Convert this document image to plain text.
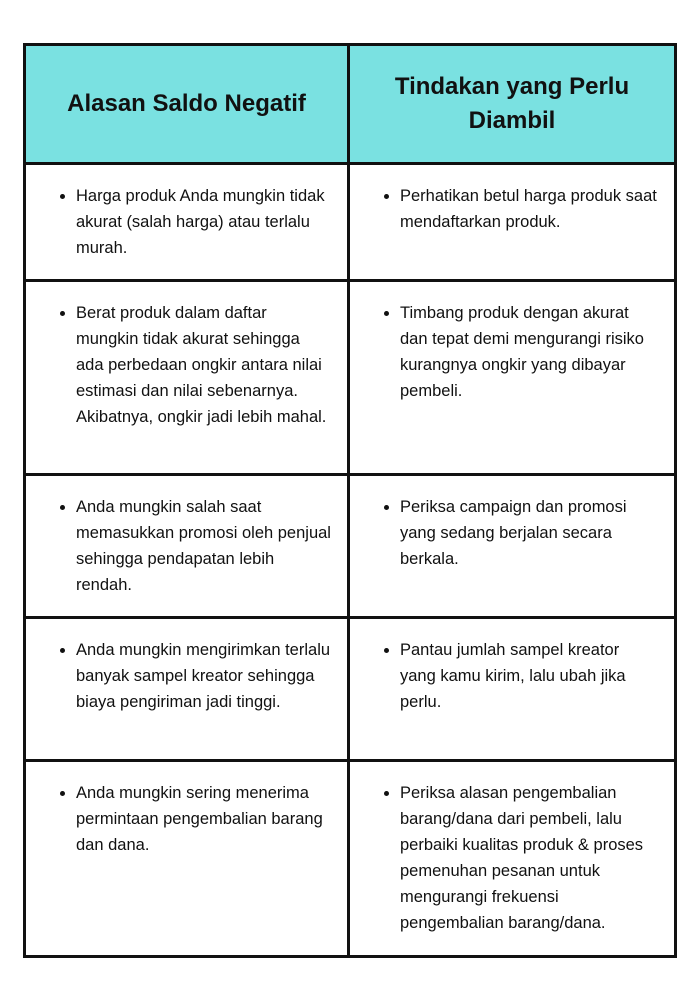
Alasan Saldo Negatif
Tindakan yang Perlu Diambil
• Harga produk Anda mungkin tidak akurat (salah harga) atau terlalu murah.
• Perhatikan betul harga produk saat mendaftarkan produk.
• Berat produk dalam daftar mungkin tidak akurat sehingga ada perbedaan ongkir antara nilai estimasi dan nilai sebenarnya. Akibatnya, ongkir jadi lebih mahal.
• Timbang produk dengan akurat dan tepat demi mengurangi risiko kurangnya ongkir yang dibayar pembeli.
• Anda mungkin salah saat memasukkan promosi oleh penjual sehingga pendapatan lebih rendah.
• Periksa campaign dan promosi yang sedang berjalan secara berkala.
• Anda mungkin mengirimkan terlalu banyak sampel kreator sehingga biaya pengiriman jadi tinggi.
• Pantau jumlah sampel kreator yang kamu kirim, lalu ubah jika perlu.
• Anda mungkin sering menerima permintaan pengembalian barang dan dana.
• Periksa alasan pengembalian barang/dana dari pembeli, lalu perbaiki kualitas produk & proses pemenuhan pesanan untuk mengurangi frekuensi pengembalian barang/dana.
